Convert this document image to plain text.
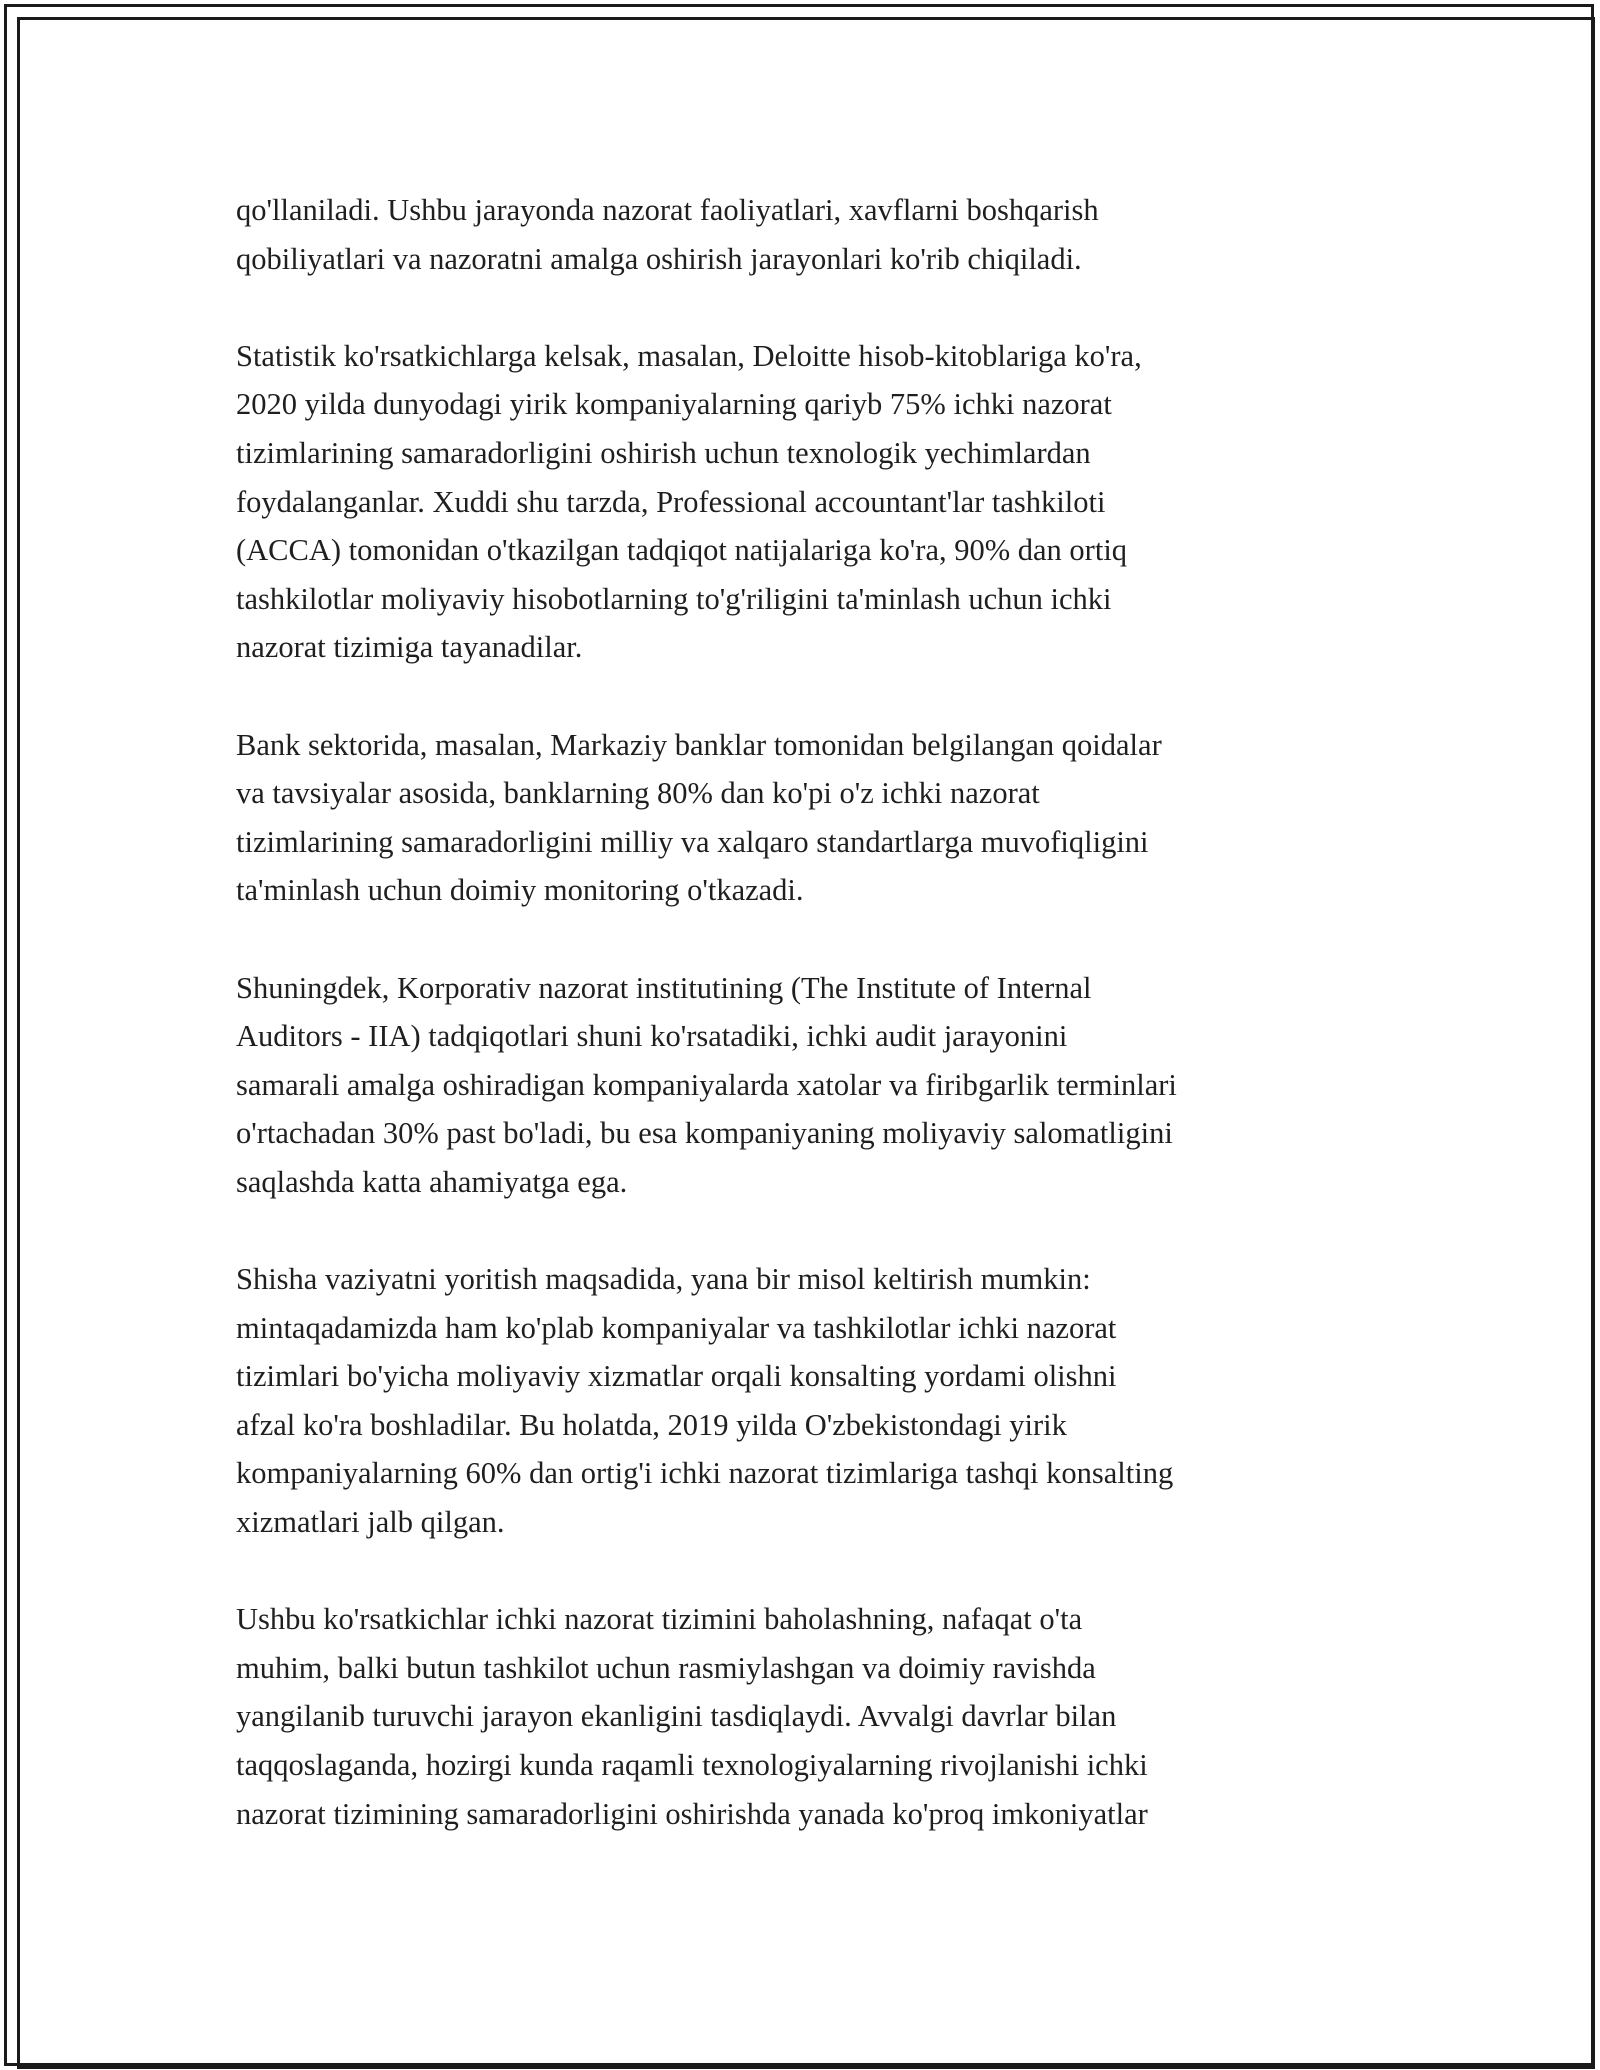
qo'llaniladi. Ushbu jarayonda nazorat faoliyatlari, xavflarni boshqarish
qobiliyatlari va nazoratni amalga oshirish jarayonlari ko'rib chiqiladi.

Statistik ko'rsatkichlarga kelsak, masalan, Deloitte hisob-kitoblariga ko'ra,
2020 yilda dunyodagi yirik kompaniyalarning qariyb 75% ichki nazorat
tizimlarining samaradorligini oshirish uchun texnologik yechimlardan
foydalanganlar. Xuddi shu tarzda, Professional accountant'lar tashkiloti
(ACCA) tomonidan o'tkazilgan tadqiqot natijalariga ko'ra, 90% dan ortiq
tashkilotlar moliyaviy hisobotlarning to'g'riligini ta'minlash uchun ichki
nazorat tizimiga tayanadilar.

Bank sektorida, masalan, Markaziy banklar tomonidan belgilangan qoidalar
va tavsiyalar asosida, banklarning 80% dan ko'pi o'z ichki nazorat
tizimlarining samaradorligini milliy va xalqaro standartlarga muvofiqligini
ta'minlash uchun doimiy monitoring o'tkazadi.

Shuningdek, Korporativ nazorat institutining (The Institute of Internal
Auditors - IIA) tadqiqotlari shuni ko'rsatadiki, ichki audit jarayonini
samarali amalga oshiradigan kompaniyalarda xatolar va firibgarlik terminlari
o'rtachadan 30% past bo'ladi, bu esa kompaniyaning moliyaviy salomatligini
saqlashda katta ahamiyatga ega.

Shisha vaziyatni yoritish maqsadida, yana bir misol keltirish mumkin:
mintaqadamizda ham ko'plab kompaniyalar va tashkilotlar ichki nazorat
tizimlari bo'yicha moliyaviy xizmatlar orqali konsalting yordami olishni
afzal ko'ra boshladilar. Bu holatda, 2019 yilda O'zbekistondagi yirik
kompaniyalarning 60% dan ortig'i ichki nazorat tizimlariga tashqi konsalting
xizmatlari jalb qilgan.

Ushbu ko'rsatkichlar ichki nazorat tizimini baholashning, nafaqat o'ta
muhim, balki butun tashkilot uchun rasmiylashgan va doimiy ravishda
yangilanib turuvchi jarayon ekanligini tasdiqlaydi. Avvalgi davrlar bilan
taqqoslaganda, hozirgi kunda raqamli texnologiyalarning rivojlanishi ichki
nazorat tizimining samaradorligini oshirishda yanada ko'proq imkoniyatlar
